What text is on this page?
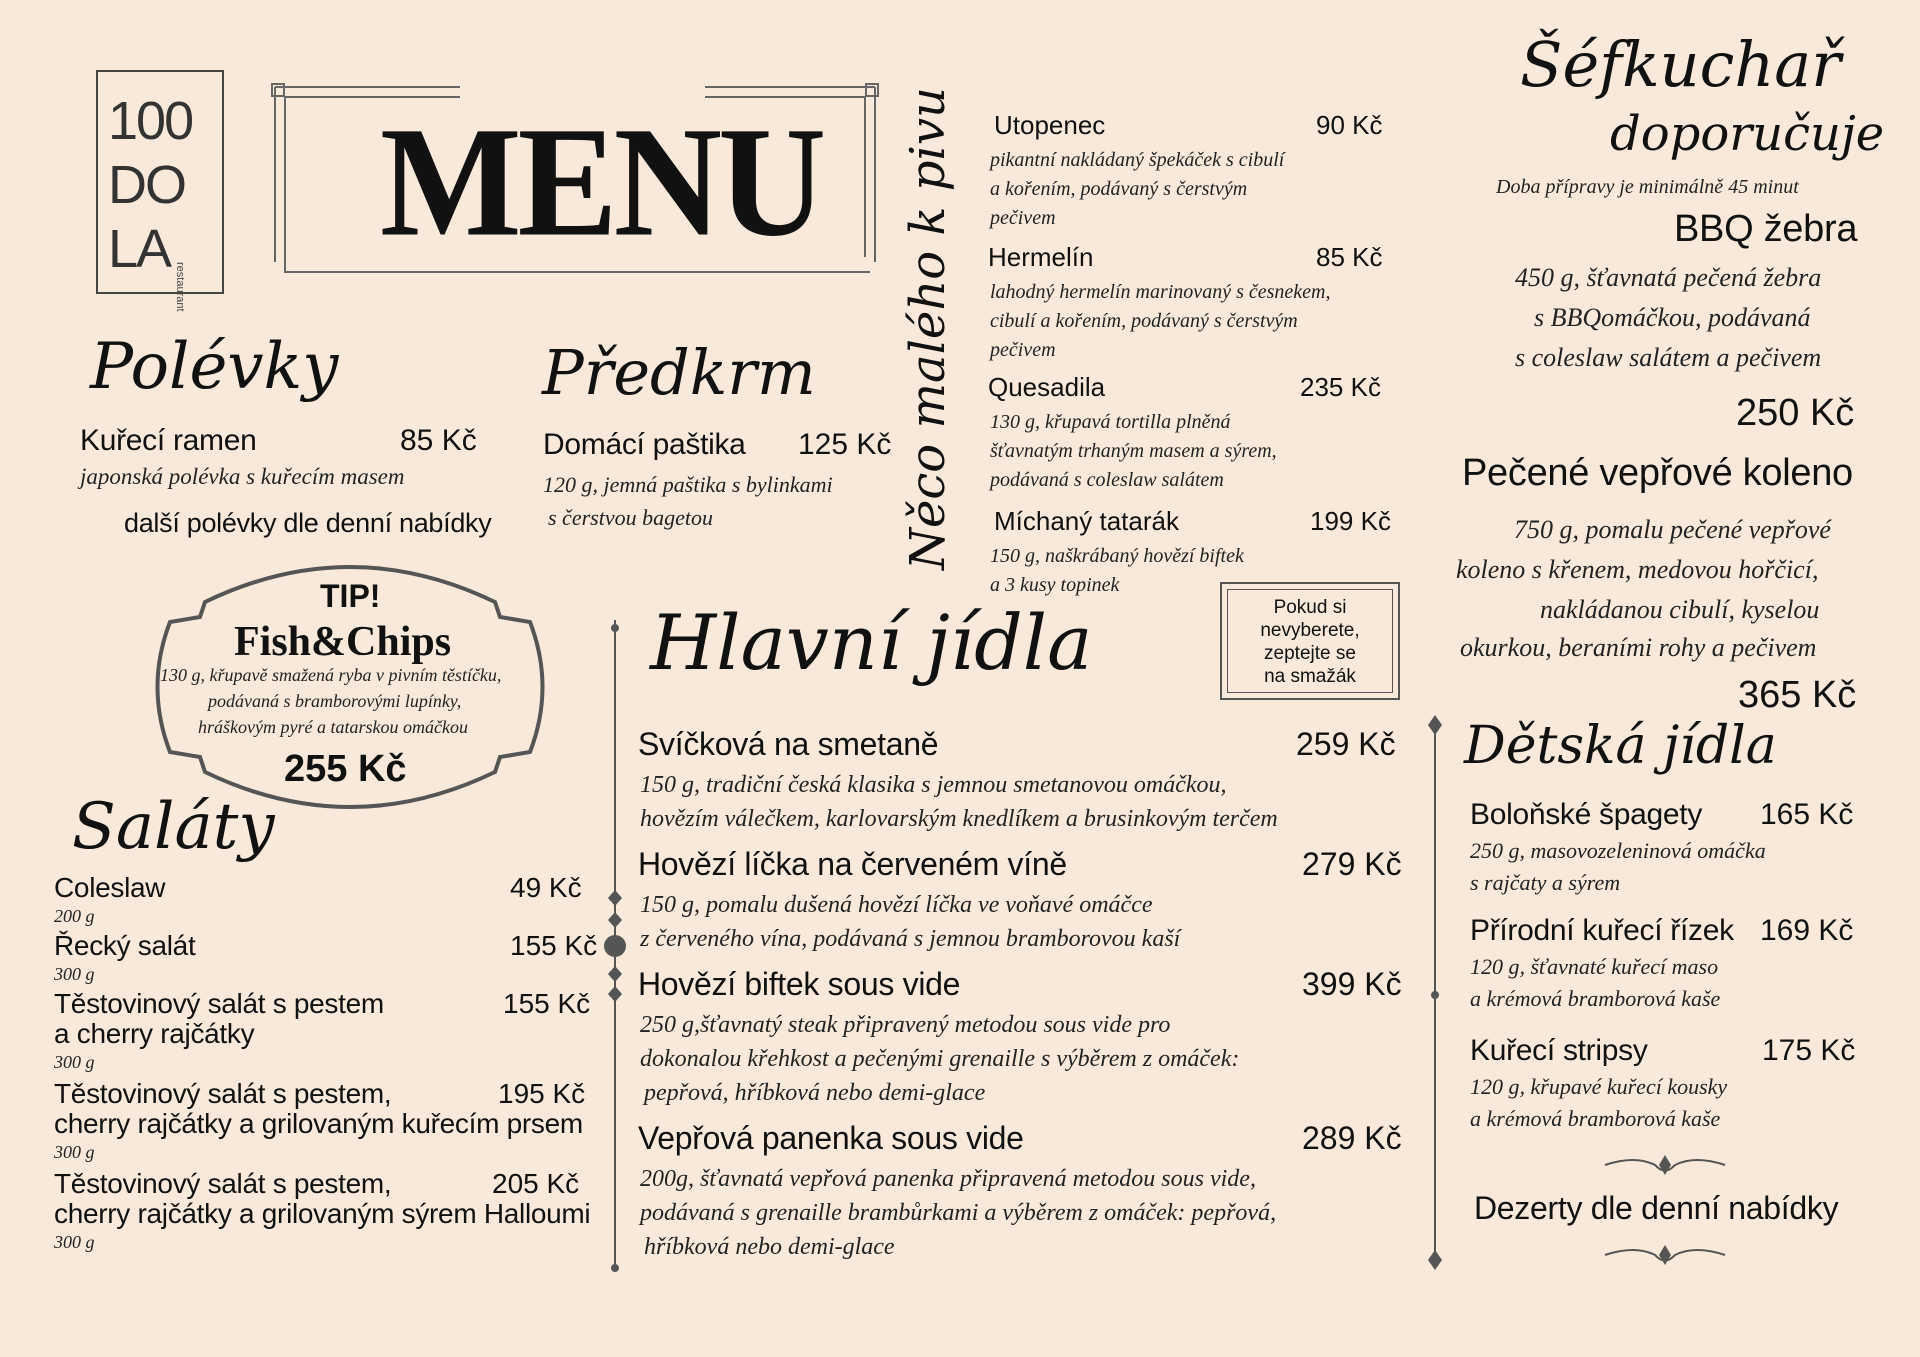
100
DO
LA
restaurant
MENU
Polévky
Kuřecí ramen	85 Kč
japonská polévka s kuřecím masem
další polévky dle denní nabídky
Předkrm
Domácí paštika 125 Kč
120 g, jemná paštika s bylinkami
s čerstvou bagetou
TIP!
Fish&Chips
130 g, křupavě smažená ryba v pivním těstíčku,
podávaná s bramborovými lupínky,
hráškovým pyré a tatarskou omáčkou
255 Kč
Saláty
Coleslaw	49 Kč
200 g
Řecký salát	155 Kč
300 g
Těstovinový salát s pestem
a cherry rajčátky
155 Kč
300 g
Těstovinový salát s pestem,
cherry rajčátky a grilovaným kuřecím prsem
195 Kč
300 g
Těstovinový salát s pestem,
cherry rajčátky a grilovaným sýrem Halloumi
205 Kč
300 g
Něco malého k pivu Utopenec	90 Kč
pikantní nakládaný špekáček s cibulí
a kořením, podávaný s čerstvým
pečivem
Hermelín	85 Kč
lahodný hermelín marinovaný s česnekem,
cibulí a kořením, podávaný s čerstvým
pečivem
Quesadila	235 Kč
130 g, křupavá tortilla plněná
šťavnatým trhaným masem a sýrem,
podávaná s coleslaw salátem
Míchaný tatarák	199 Kč
150 g, naškrábaný hovězí biftek
a 3 kusy topinek
Pokud si
nevyberete,
zeptejte se
na smažák
Hlavní jídla
Svíčková na smetaně	259 Kč
150 g, tradiční česká klasika s jemnou smetanovou omáčkou,
hovězím válečkem, karlovarským knedlíkem a brusinkovým terčem
Hovězí líčka na červeném víně	279 Kč
150 g, pomalu dušená hovězí líčka ve voňavé omáčce
z červeného vína, podávaná s jemnou bramborovou kaší
Hovězí biftek sous vide	399 Kč
250 g,šťavnatý steak připravený metodou sous vide pro
dokonalou křehkost a pečenými grenaille s výběrem z omáček:
pepřová, hříbková nebo demi-glace
Vepřová panenka sous vide	289 Kč
200g, šťavnatá vepřová panenka připravená metodou sous vide,
podávaná s grenaille brambůrkami a výběrem z omáček: pepřová,
hříbková nebo demi-glace
Šéfkuchař
doporučuje
Doba přípravy je minimálně 45 minut
BBQ žebra
450 g, šťavnatá pečená žebra
s BBQomáčkou, podávaná
s coleslaw salátem a pečivem
250 Kč
Pečené vepřové koleno
750 g, pomalu pečené vepřové
koleno s křenem, medovou hořčicí,
nakládanou cibulí, kyselou
okurkou, beraními rohy a pečivem
365 Kč
Dětská jídla
Boloňské špagety 165 Kč
250 g, masovozeleninová omáčka
s rajčaty a sýrem
Přírodní kuřecí řízek 169 Kč
120 g, šťavnaté kuřecí maso
a krémová bramborová kaše
Kuřecí stripsy	175 Kč
120 g, křupavé kuřecí kousky
a krémová bramborová kaše
Dezerty dle denní nabídky
